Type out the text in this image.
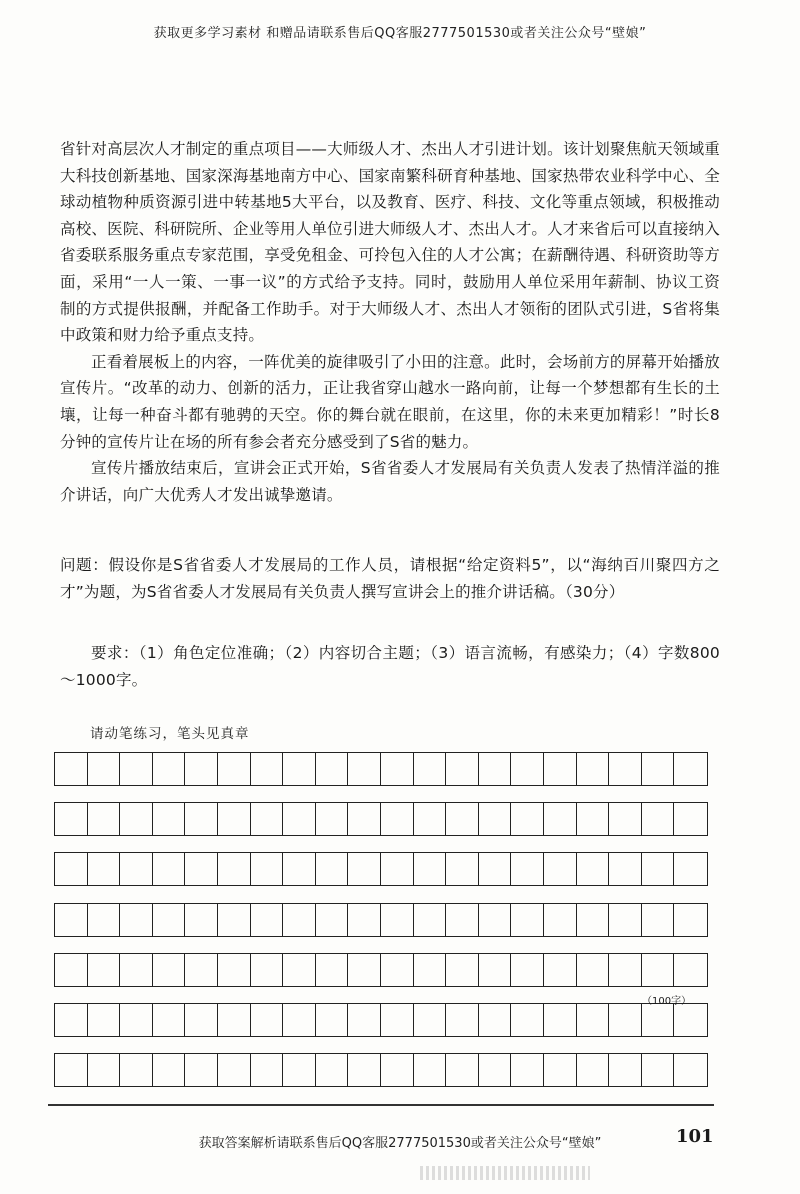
获取更多学习素材 和赠品请联系售后QQ客服2777501530或者关注公众号“壁娘”

省针对高层次人才制定的重点项目——大师级人才、杰出人才引进计划。该计划聚焦航天领域重大科技创新基地、国家深海基地南方中心、国家南繁科研育种基地、国家热带农业科学中心、全球动植物种质资源引进中转基地5大平台，以及教育、医疗、科技、文化等重点领域，积极推动高校、医院、科研院所、企业等用人单位引进大师级人才、杰出人才。人才来省后可以直接纳入省委联系服务重点专家范围，享受免租金、可拎包入住的人才公寓；在薪酬待遇、科研资助等方面，采用“一人一策、一事一议”的方式给予支持。同时，鼓励用人单位采用年薪制、协议工资制的方式提供报酬，并配备工作助手。对于大师级人才、杰出人才领衔的团队式引进，S省将集中政策和财力给予重点支持。

正看着展板上的内容，一阵优美的旋律吸引了小田的注意。此时，会场前方的屏幕开始播放宣传片。“改革的动力、创新的活力，正让我省穿山越水一路向前，让每一个梦想都有生长的土壤，让每一种奋斗都有驰骋的天空。你的舞台就在眼前，在这里，你的未来更加精彩！”时长8分钟的宣传片让在场的所有参会者充分感受到了S省的魅力。

宣传片播放结束后，宣讲会正式开始，S省省委人才发展局有关负责人发表了热情洋溢的推介讲话，向广大优秀人才发出诚挚邀请。

问题：假设你是S省省委人才发展局的工作人员，请根据“给定资料5”，以“海纳百川聚四方之才”为题，为S省省委人才发展局有关负责人撰写宣讲会上的推介讲话稿。（30分）
要求：（1）角色定位准确；（2）内容切合主题；（3）语言流畅，有感染力；（4）字数800～1000字。
请动笔练习，笔头见真章
（100字）
获取答案解析请联系售后QQ客服2777501530或者关注公众号“壁娘”	101
